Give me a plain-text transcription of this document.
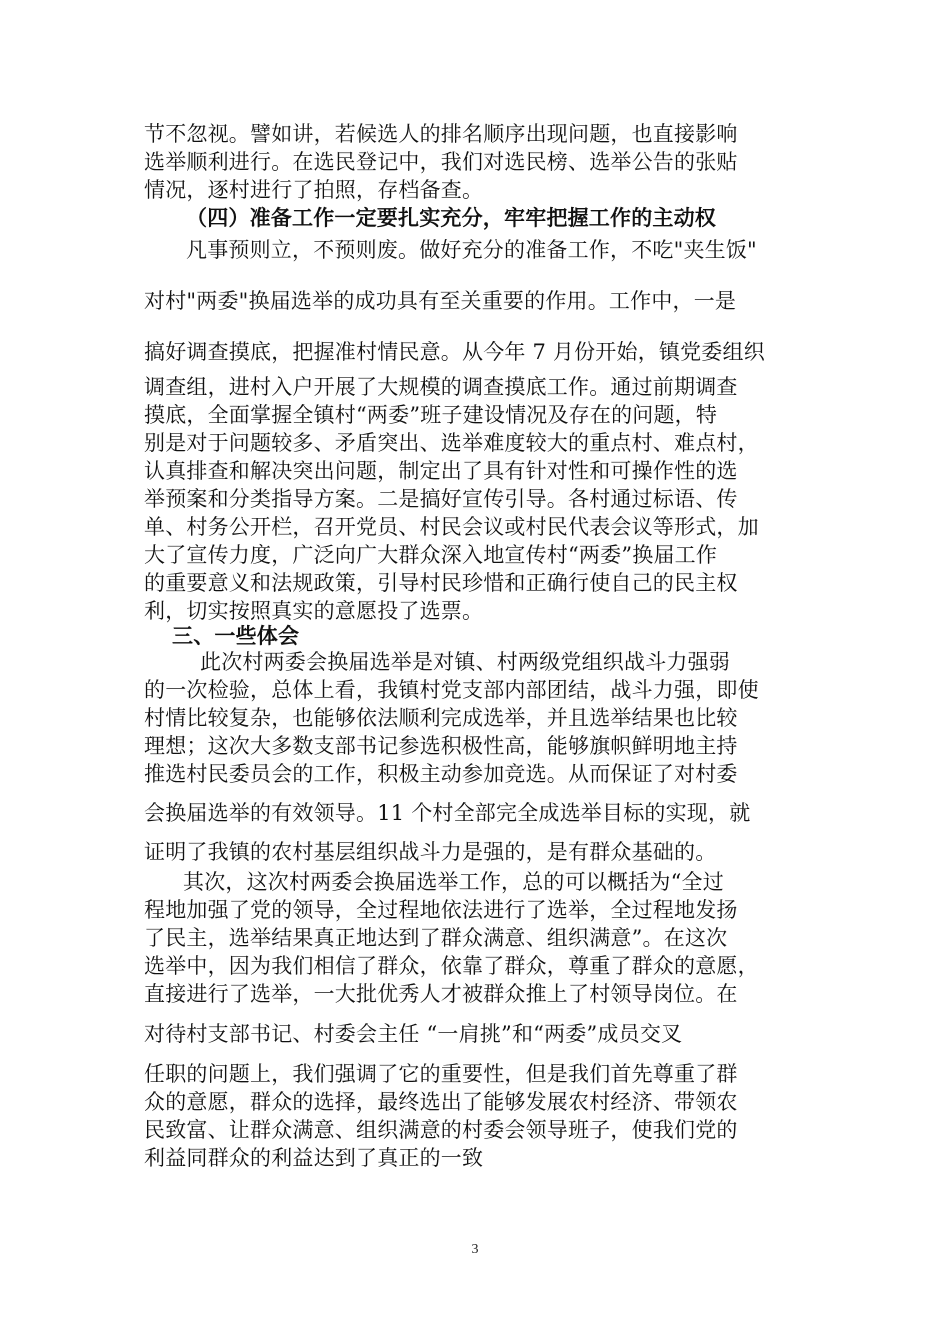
节不忽视。譬如讲，若候选人的排名顺序出现问题，也直接影响
选举顺利进行。在选民登记中，我们对选民榜、选举公告的张贴
情况，逐村进行了拍照，存档备查。
（四）准备工作一定要扎实充分，牢牢把握工作的主动权
凡事预则立，不预则废。做好充分的准备工作，不吃"夹生饭"
对村"两委"换届选举的成功具有至关重要的作用。工作中，一是
搞好调查摸底，把握准村情民意。从今年 7 月份开始，镇党委组织
调查组，进村入户开展了大规模的调查摸底工作。通过前期调查
摸底，全面掌握全镇村“两委”班子建设情况及存在的问题，特
别是对于问题较多、矛盾突出、选举难度较大的重点村、难点村，
认真排查和解决突出问题，制定出了具有针对性和可操作性的选
举预案和分类指导方案。二是搞好宣传引导。各村通过标语、传
单、村务公开栏，召开党员、村民会议或村民代表会议等形式，加
大了宣传力度，广泛向广大群众深入地宣传村“两委”换届工作
的重要意义和法规政策，引导村民珍惜和正确行使自己的民主权
利，切实按照真实的意愿投了选票。
三、一些体会
此次村两委会换届选举是对镇、村两级党组织战斗力强弱
的一次检验，总体上看，我镇村党支部内部团结，战斗力强，即使
村情比较复杂，也能够依法顺利完成选举，并且选举结果也比较
理想；这次大多数支部书记参选积极性高，能够旗帜鲜明地主持
推选村民委员会的工作，积极主动参加竞选。从而保证了对村委
会换届选举的有效领导。11 个村全部完全成选举目标的实现，就
证明了我镇的农村基层组织战斗力是强的，是有群众基础的。
其次，这次村两委会换届选举工作，总的可以概括为“全过
程地加强了党的领导，全过程地依法进行了选举，全过程地发扬
了民主，选举结果真正地达到了群众满意、组织满意”。在这次
选举中，因为我们相信了群众，依靠了群众，尊重了群众的意愿，
直接进行了选举，一大批优秀人才被群众推上了村领导岗位。在
对待村支部书记、村委会主任 “一肩挑”和“两委”成员交叉
任职的问题上，我们强调了它的重要性，但是我们首先尊重了群
众的意愿，群众的选择，最终选出了能够发展农村经济、带领农
民致富、让群众满意、组织满意的村委会领导班子，使我们党的
利益同群众的利益达到了真正的一致
3
